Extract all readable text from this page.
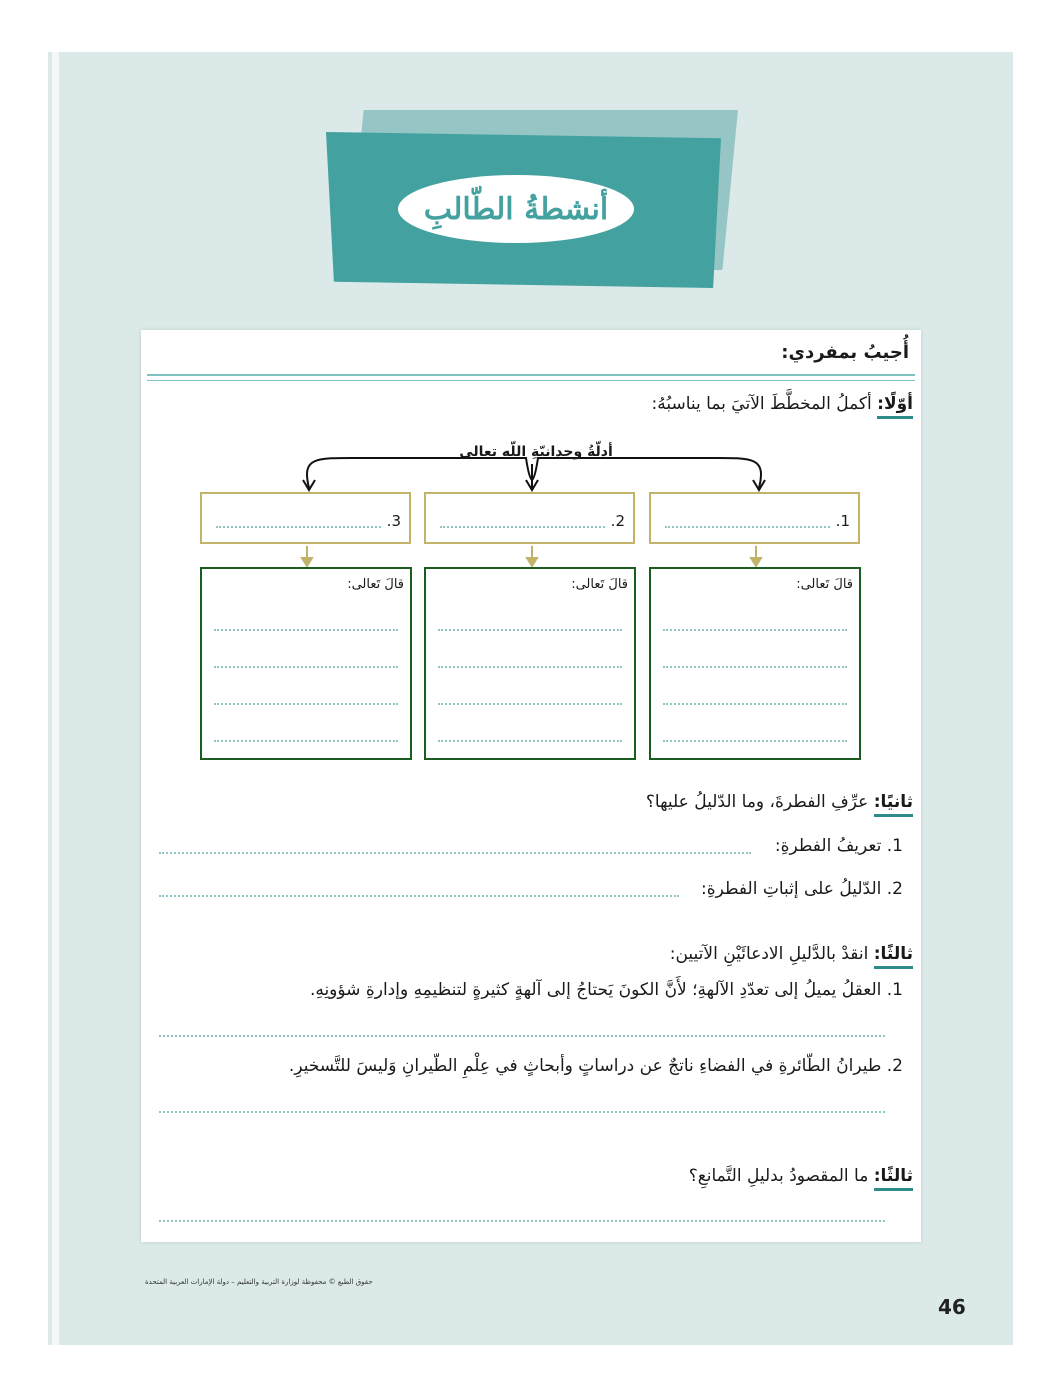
أنشطةُ الطّالبِ
أُجيبُ بمفردي:
أوّلًا: أكملُ المخطَّطَ الآتيَ بما يناسبُهُ:
أدلّةُ وحدانيّةِ اللّهِ تعالى
1.
2.
3.
قالَ تَعالى:
قالَ تَعالى:
قالَ تَعالى:
ثانيًا: عرِّفِ الفطرةَ، وما الدّليلُ عليها؟
1. تعريفُ الفطرةِ:
2. الدّليلُ على إثباتِ الفطرةِ:
ثالثًا: انقدْ بالدَّليلِ الادعائَيْنِ الآتيين:
1. العقلُ يميلُ إلى تعدّدِ الآلهةِ؛ لأَنَّ الكونَ يَحتاجُ إلى آلهةٍ كثيرةٍ لتنظيمِهِ وإدارةِ شؤونِهِ.
2. طيرانُ الطّائرةِ في الفضاءِ ناتجٌ عن دراساتٍ وأبحاثٍ في عِلْمِ الطّيرانِ وَليسَ للتَّسخيرِ.
ثالثًا: ما المقصودُ بدليلِ التَّمانعِ؟
حقوق الطبع © محفوظة لوزارة التربية والتعليم – دولة الإمارات العربية المتحدة
46
